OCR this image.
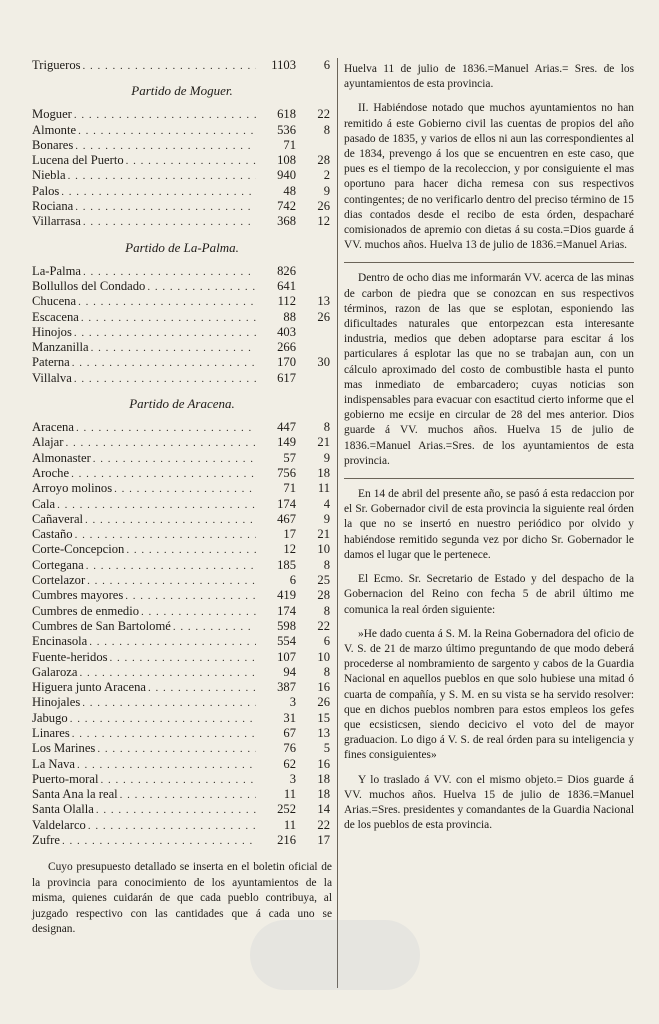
Trigueros . . .	1103	6
Partido de Moguer.
Moguer . . .	618	22
Almonte . . .	536	8
Bonares . . .	71
Lucena del Puerto . . .	108	28
Niebla . . .	940	2
Palos . . .	48	9
Rociana . . .	742	26
Villarrasa . . .	368	12
Partido de La-Palma.
La-Palma . . .	826
Bollullos del Condado . . .	641
Chucena . . .	112	13
Escacena . . .	88	26
Hinojos . . .	403
Manzanilla . . .	266
Paterna . . .	170	30
Villalva . . .	617
Partido de Aracena.
Aracena . . .	447	8
Alajar . . .	149	21
Almonaster . . .	57	9
Aroche . . .	756	18
Arroyo molinos . . .	71	11
Cala . . .	174	4
Cañaveral . . .	467	9
Castaño . . .	17	21
Corte-Concepcion . . .	12	10
Cortegana . . .	185	8
Cortelazor . . .	6	25
Cumbres mayores . . .	419	28
Cumbres de enmedio . . .	174	8
Cumbres de San Bartolomé . . .	598	22
Encinasola . . .	554	6
Fuente-heridos . . .	107	10
Galaroza . . .	94	8
Higuera junto Aracena . . .	387	16
Hinojales . . .	3	26
Jabugo . . .	31	15
Linares . . .	67	13
Los Marines . . .	76	5
La Nava . . .	62	16
Puerto-moral . . .	3	18
Santa Ana la real . . .	11	18
Santa Olalla . . .	252	14
Valdelarco . . .	11	22
Zufre . . .	216	17
Cuyo presupuesto detallado se inserta en el boletin oficial de la provincia para conocimiento de los ayuntamientos de la misma, quienes cuidarán de que cada pueblo contribuya, al juzgado respectivo con las cantidades que á cada uno se designan.

Huelva 11 de julio de 1836.=Manuel Arias.= Sres. de los ayuntamientos de esta provincia.

II. Habiéndose notado que muchos ayuntamientos no han remitido á este Gobierno civil las cuentas de propios del año pasado de 1835, y varios de ellos ni aun las correspondientes al de 1834, prevengo á los que se encuentren en este caso, que pues es el tiempo de la recoleccion, y por consiguiente el mas oportuno para hacer dicha remesa con sus respectivos contingentes; de no verificarlo dentro del preciso término de 15 dias contados desde el recibo de esta órden, despacharé comisionados de apremio con dietas á su costa.=Dios guarde á VV. muchos años. Huelva 13 de julio de 1836.=Manuel Arias.

Dentro de ocho dias me informarán VV. acerca de las minas de carbon de piedra que se conozcan en sus respectivos términos, razon de las que se esplotan, esponiendo las dificultades naturales que entorpezcan esta interesante industria, medios que deben adoptarse para escitar á los particulares á esplotar las que no se trabajan aun, con un cálculo aproximado del costo de combustible hasta el punto mas inmediato de embarcadero; cuyas noticias son indispensables para evacuar con esactitud cierto informe que el gobierno me ecsije en circular de 28 del mes anterior. Dios guarde á VV. muchos años. Huelva 15 de julio de 1836.=Manuel Arias.=Sres. de los ayuntamientos de esta provincia.

En 14 de abril del presente año, se pasó á esta redaccion por el Sr. Gobernador civil de esta provincia la siguiente real órden la que no se insertó en nuestro periódico por olvido y habiéndose remitido segunda vez por dicho Sr. Gobernador le damos el lugar que le pertenece.

El Ecmo. Sr. Secretario de Estado y del despacho de la Gobernacion del Reino con fecha 5 de abril último me comunica la real órden siguiente:

»He dado cuenta á S. M. la Reina Gobernadora del oficio de V. S. de 21 de marzo último preguntando de que modo deberá procederse al nombramiento de sargento y cabos de la Guardia Nacional en aquellos pueblos en que solo hubiese una mitad ó cuarta de compañía, y S. M. en su vista se ha servido resolver: que en dichos pueblos nombren para estos empleos los gefes que ecsisticsen, siendo decicivo el voto del de mayor graduacion. Lo digo á V. S. de real órden para su inteligencia y fines consiguientes»

Y lo traslado á VV. con el mismo objeto.= Dios guarde á VV. muchos años. Huelva 15 de julio de 1836.=Manuel Arias.=Sres. presidentes y comandantes de la Guardia Nacional de los pueblos de esta provincia.
